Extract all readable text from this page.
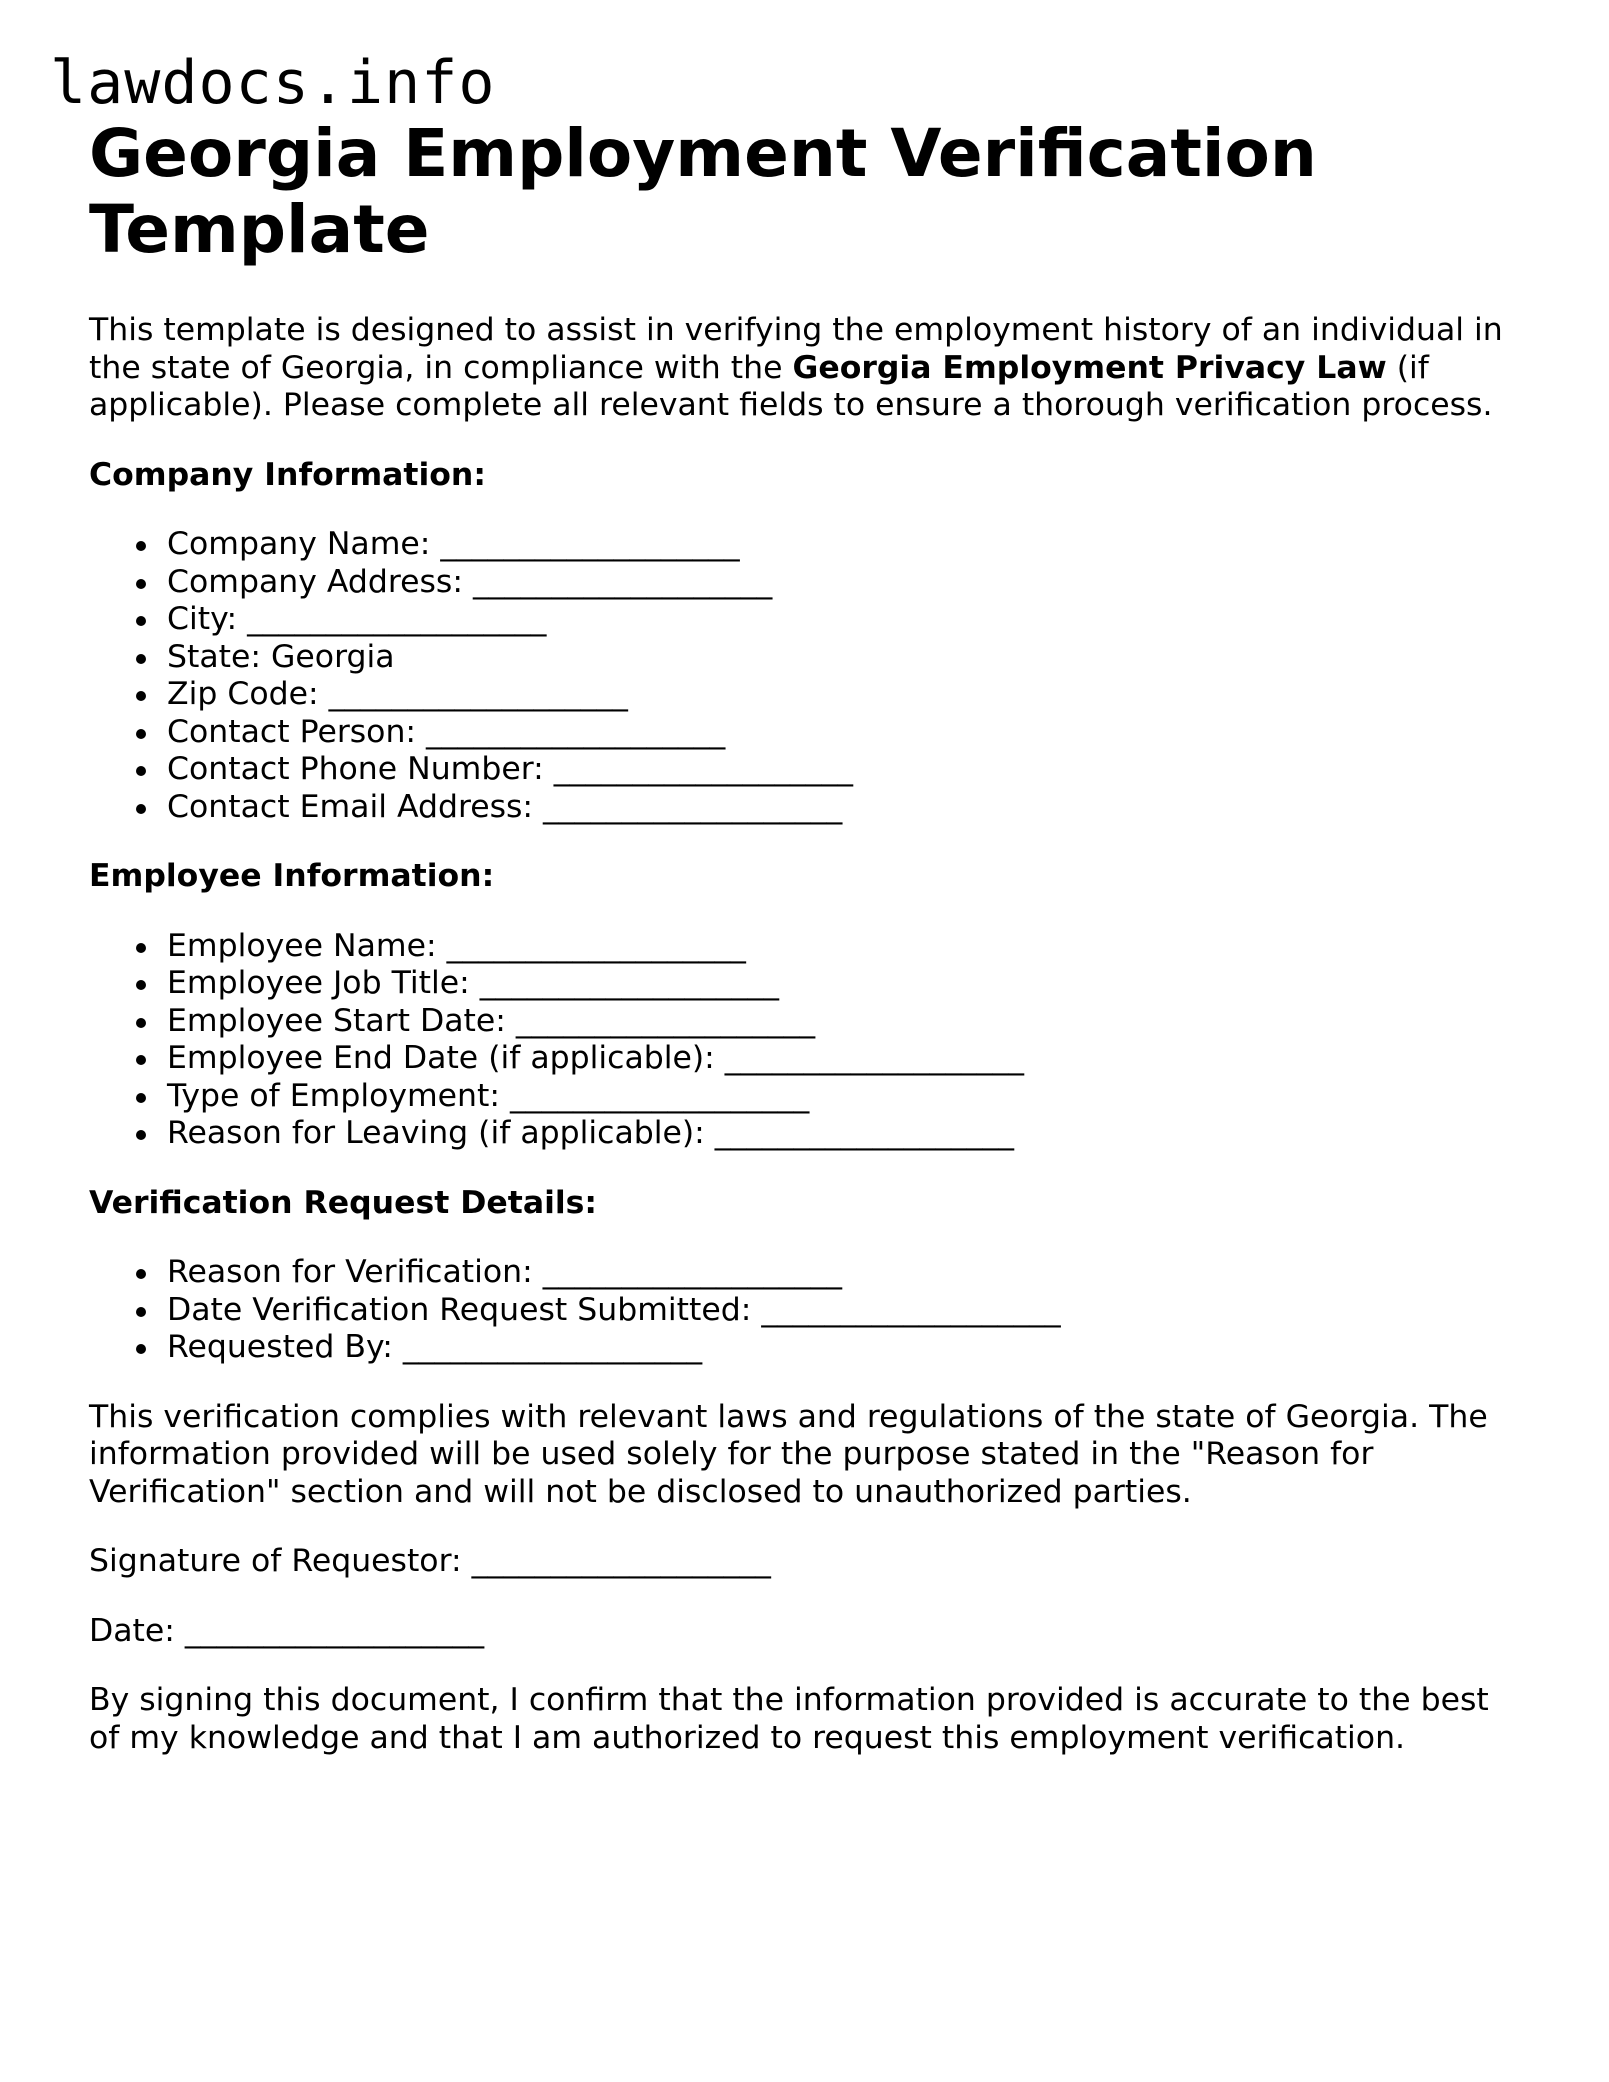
lawdocs.info
Georgia Employment Verification Template

This template is designed to assist in verifying the employment history of an individual in the state of Georgia, in compliance with the Georgia Employment Privacy Law (if applicable). Please complete all relevant fields to ensure a thorough verification process.

Company Information:
Company Name: ___________________
Company Address: ___________________
City: ___________________
State: Georgia
Zip Code: ___________________
Contact Person: ___________________
Contact Phone Number: ___________________
Contact Email Address: ___________________
Employee Information:
Employee Name: ___________________
Employee Job Title: ___________________
Employee Start Date: ___________________
Employee End Date (if applicable): ___________________
Type of Employment: ___________________
Reason for Leaving (if applicable): ___________________
Verification Request Details:
Reason for Verification: ___________________
Date Verification Request Submitted: ___________________
Requested By: ___________________

This verification complies with relevant laws and regulations of the state of Georgia. The information provided will be used solely for the purpose stated in the "Reason for Verification" section and will not be disclosed to unauthorized parties.

Signature of Requestor: ___________________

Date: ___________________

By signing this document, I confirm that the information provided is accurate to the best of my knowledge and that I am authorized to request this employment verification.
